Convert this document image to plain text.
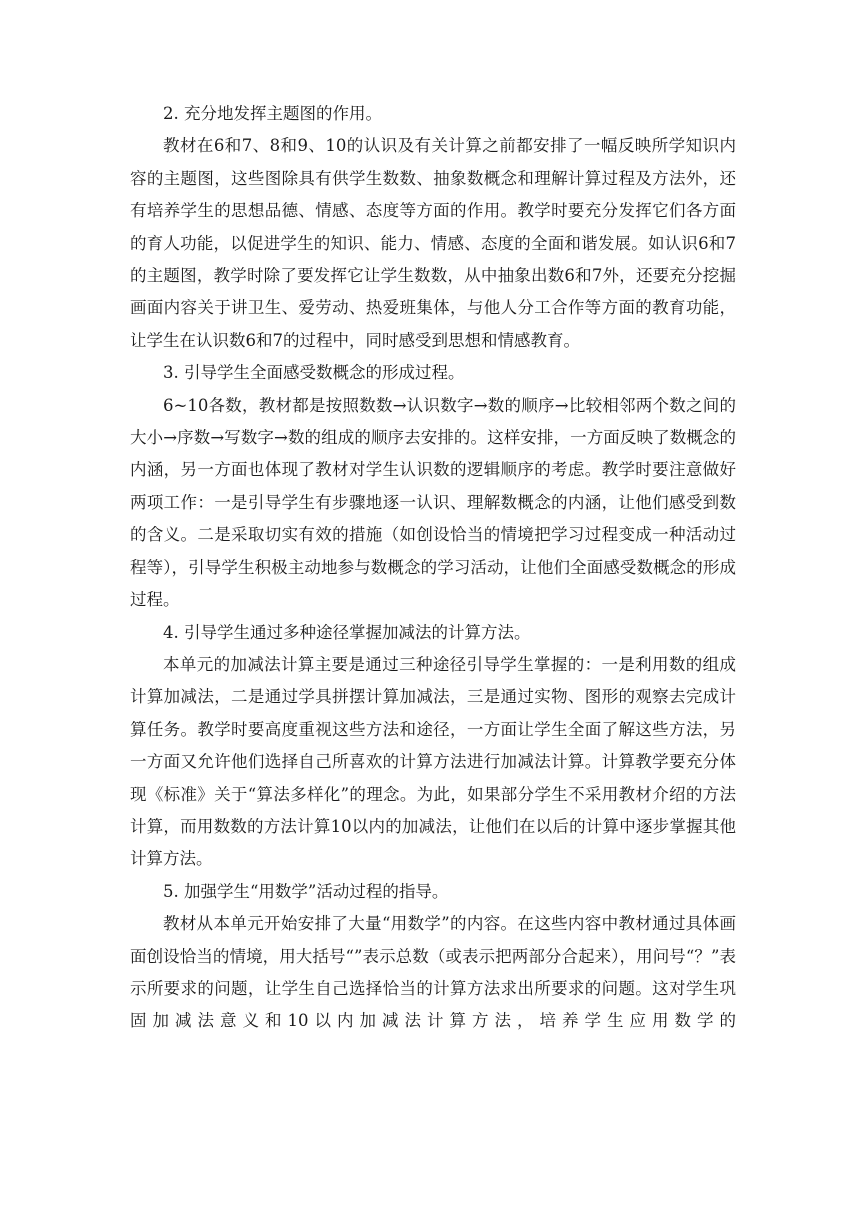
2. 充分地发挥主题图的作用。

教材在6和7、8和9、10的认识及有关计算之前都安排了一幅反映所学知识内容的主题图，这些图除具有供学生数数、抽象数概念和理解计算过程及方法外，还有培养学生的思想品德、情感、态度等方面的作用。教学时要充分发挥它们各方面的育人功能，以促进学生的知识、能力、情感、态度的全面和谐发展。如认识6和7的主题图，教学时除了要发挥它让学生数数，从中抽象出数6和7外，还要充分挖掘画面内容关于讲卫生、爱劳动、热爱班集体，与他人分工合作等方面的教育功能，让学生在认识数6和7的过程中，同时感受到思想和情感教育。

3. 引导学生全面感受数概念的形成过程。

6~10各数，教材都是按照数数→认识数字→数的顺序→比较相邻两个数之间的大小→序数→写数字→数的组成的顺序去安排的。这样安排，一方面反映了数概念的内涵，另一方面也体现了教材对学生认识数的逻辑顺序的考虑。教学时要注意做好两项工作：一是引导学生有步骤地逐一认识、理解数概念的内涵，让他们感受到数的含义。二是采取切实有效的措施（如创设恰当的情境把学习过程变成一种活动过程等），引导学生积极主动地参与数概念的学习活动，让他们全面感受数概念的形成过程。

4. 引导学生通过多种途径掌握加减法的计算方法。

本单元的加减法计算主要是通过三种途径引导学生掌握的：一是利用数的组成计算加减法，二是通过学具拼摆计算加减法，三是通过实物、图形的观察去完成计算任务。教学时要高度重视这些方法和途径，一方面让学生全面了解这些方法，另一方面又允许他们选择自己所喜欢的计算方法进行加减法计算。计算教学要充分体现《标准》关于“算法多样化”的理念。为此，如果部分学生不采用教材介绍的方法计算，而用数数的方法计算10以内的加减法，让他们在以后的计算中逐步掌握其他计算方法。

5. 加强学生“用数学”活动过程的指导。

教材从本单元开始安排了大量“用数学”的内容。在这些内容中教材通过具体画面创设恰当的情境，用大括号“”表示总数（或表示把两部分合起来），用问号“？”表示所要求的问题，让学生自己选择恰当的计算方法求出所要求的问题。这对学生巩固加减法意义和10以内加减法计算方法，培养学生应用数学的
